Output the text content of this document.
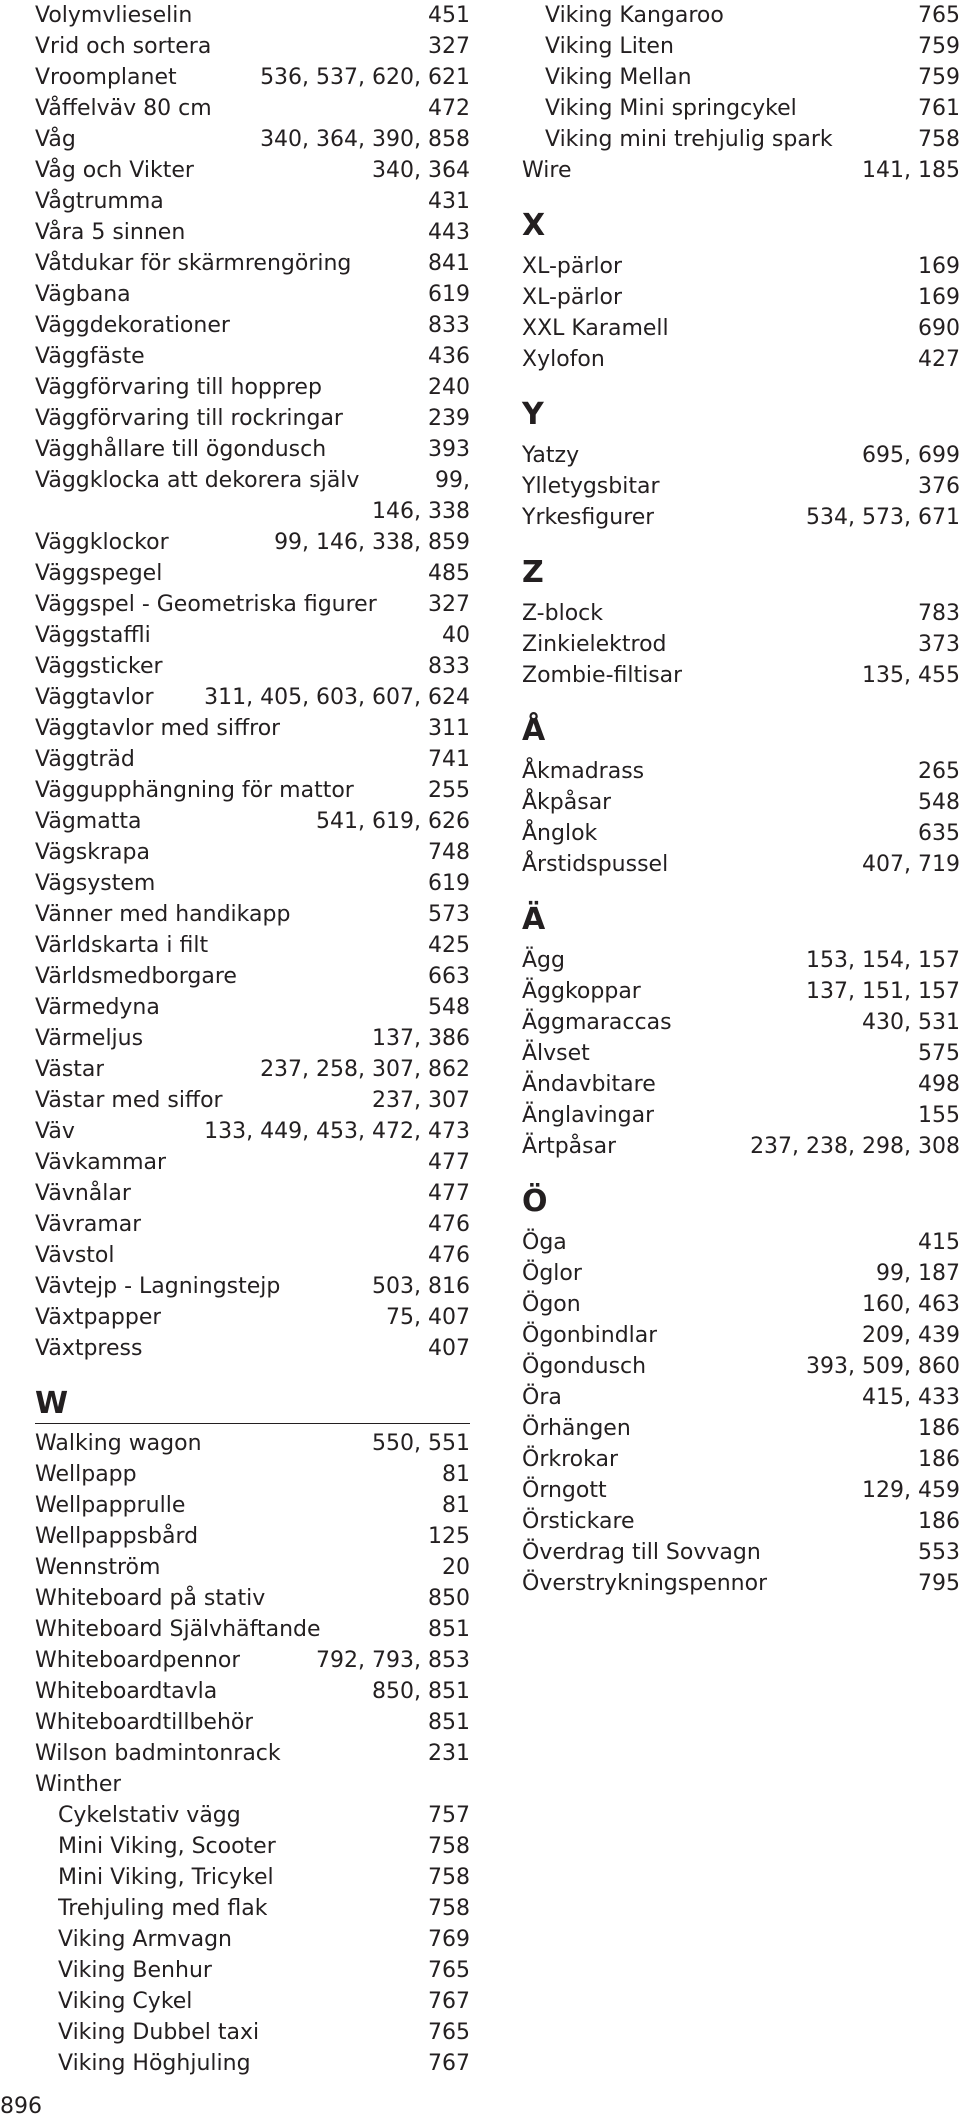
Volymvlieselin	451
Vrid och sortera	327
Vroomplanet	536, 537, 620, 621
Våffelväv 80 cm	472
Våg	340, 364, 390, 858
Våg och Vikter	340, 364
Vågtrumma	431
Våra 5 sinnen	443
Våtdukar för skärmrengöring	841
Vägbana	619
Väggdekorationer	833
Väggfäste	436
Väggförvaring till hopprep	240
Väggförvaring till rockringar	239
Vägghållare till ögondusch	393
Väggklocka att dekorera själv	99,
146, 338
Väggklockor	99, 146, 338, 859
Väggspegel	485
Väggspel - Geometriska figurer 327
Väggstaffli	40
Väggsticker	833
Väggtavlor 311, 405, 603, 607, 624
Väggtavlor med siffror	311
Väggträd	741
Väggupphängning för mattor	255
Vägmatta	541, 619, 626
Vägskrapa	748
Vägsystem	619
Vänner med handikapp	573
Världskarta i filt	425
Världsmedborgare	663
Värmedyna	548
Värmeljus	137, 386
Västar	237, 258, 307, 862
Västar med siffor	237, 307
Väv	133, 449, 453, 472, 473
Vävkammar	477
Vävnålar	477
Vävramar	476
Vävstol	476
Vävtejp - Lagningstejp	503, 816
Växtpapper	75, 407
Växtpress	407
W
Walking wagon	550, 551
Wellpapp	81
Wellpapprulle	81
Wellpappsbård	125
Wennström	20
Whiteboard på stativ	850
Whiteboard Självhäftande	851
Whiteboardpennor	792, 793, 853
Whiteboardtavla	850, 851
Whiteboardtillbehör	851
Wilson badmintonrack	231
Winther
Cykelstativ vägg	757
Mini Viking, Scooter	758
Mini Viking, Tricykel	758
Trehjuling med flak	758
Viking Armvagn	769
Viking Benhur	765
Viking Cykel	767
Viking Dubbel taxi	765
Viking Höghjuling	767
Viking Kangaroo	765
Viking Liten	759
Viking Mellan	759
Viking Mini springcykel	761
Viking mini trehjulig spark	758
Wire	141, 185
X
XL-pärlor	169
XL-pärlor	169
XXL Karamell	690
Xylofon	427
Y
Yatzy	695, 699
Ylletygsbitar	376
Yrkesfigurer	534, 573, 671
Z
Z-block	783
Zinkielektrod	373
Zombie-filtisar	135, 455
Å
Åkmadrass	265
Åkpåsar	548
Ånglok	635
Årstidspussel	407, 719
Ä
Ägg	153, 154, 157
Äggkoppar	137, 151, 157
Äggmaraccas	430, 531
Älvset	575
Ändavbitare	498
Änglavingar	155
Ärtpåsar	237, 238, 298, 308
Ö
Öga	415
Öglor	99, 187
Ögon	160, 463
Ögonbindlar	209, 439
Ögondusch	393, 509, 860
Öra	415, 433
Örhängen	186
Örkrokar	186
Örngott	129, 459
Örstickare	186
Överdrag till Sovvagn	553
Överstrykningspennor	795
896
